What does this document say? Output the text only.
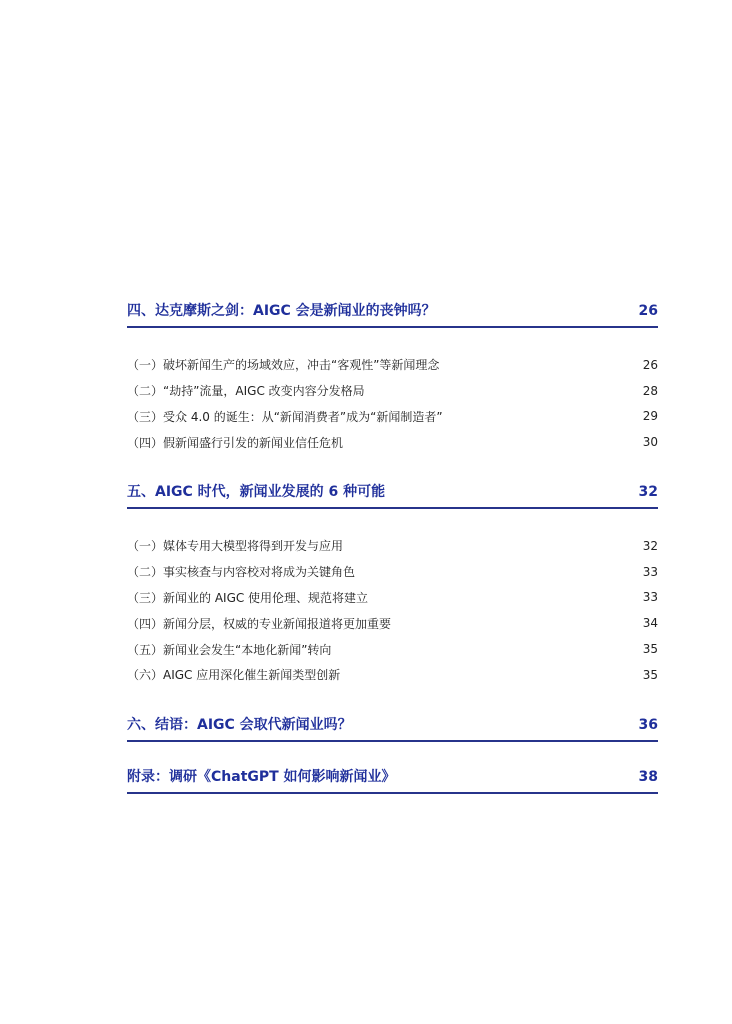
四、达克摩斯之剑：AIGC 会是新闻业的丧钟吗？	26
（一）破坏新闻生产的场域效应，冲击“客观性”等新闻理念	26
（二）“劫持”流量，AIGC 改变内容分发格局	28
（三）受众 4.0 的诞生：从“新闻消费者”成为“新闻制造者”	29
（四）假新闻盛行引发的新闻业信任危机	30
五、AIGC 时代，新闻业发展的 6 种可能	32
（一）媒体专用大模型将得到开发与应用	32
（二）事实核查与内容校对将成为关键角色	33
（三）新闻业的 AIGC 使用伦理、规范将建立	33
（四）新闻分层，权威的专业新闻报道将更加重要	34
（五）新闻业会发生“本地化新闻”转向	35
（六）AIGC 应用深化催生新闻类型创新	35
六、结语：AIGC 会取代新闻业吗？	36
附录：调研《ChatGPT 如何影响新闻业》	38
